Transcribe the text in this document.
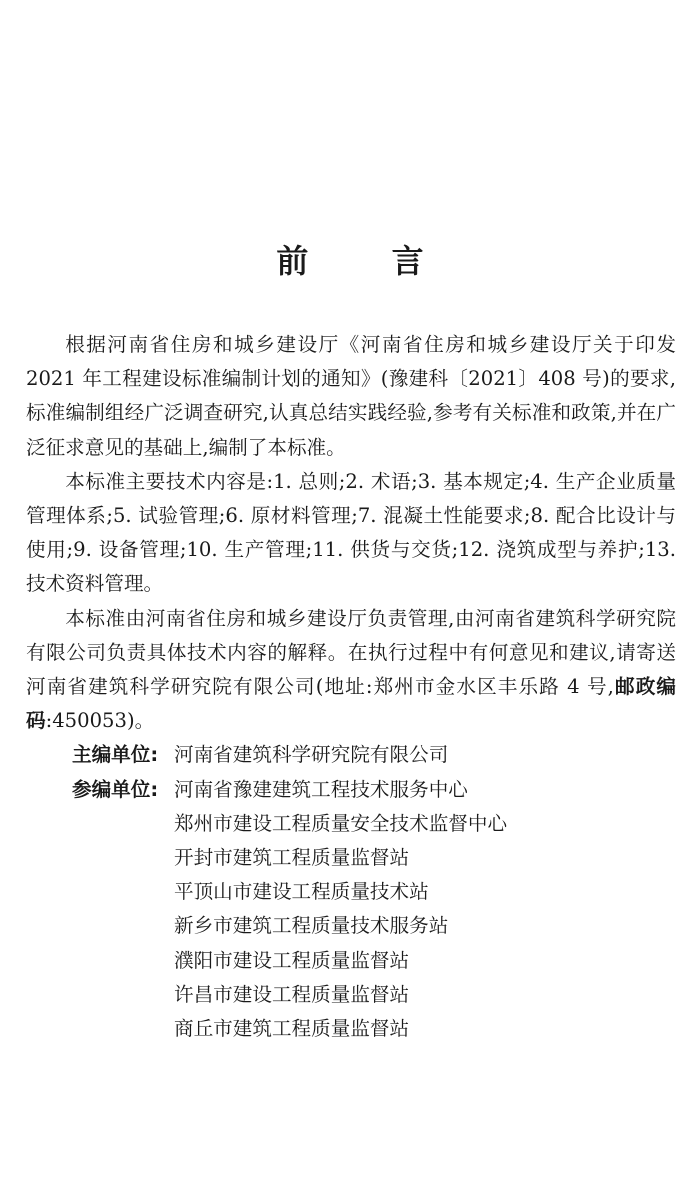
前 言

根据河南省住房和城乡建设厅《河南省住房和城乡建设厅关于印发 2021 年工程建设标准编制计划的通知》(豫建科〔2021〕408 号)的要求,标准编制组经广泛调查研究,认真总结实践经验,参考有关标准和政策,并在广泛征求意见的基础上,编制了本标准。

本标准主要技术内容是:1. 总则;2. 术语;3. 基本规定;4. 生产企业质量管理体系;5. 试验管理;6. 原材料管理;7. 混凝土性能要求;8. 配合比设计与使用;9. 设备管理;10. 生产管理;11. 供货与交货;12. 浇筑成型与养护;13. 技术资料管理。

本标准由河南省住房和城乡建设厅负责管理,由河南省建筑科学研究院有限公司负责具体技术内容的解释。在执行过程中有何意见和建议,请寄送河南省建筑科学研究院有限公司(地址:郑州市金水区丰乐路 4 号,邮政编码:450053)。

主编单位: 河南省建筑科学研究院有限公司
参编单位: 河南省豫建建筑工程技术服务中心
郑州市建设工程质量安全技术监督中心
开封市建筑工程质量监督站
平顶山市建设工程质量技术站
新乡市建筑工程质量技术服务站
濮阳市建设工程质量监督站
许昌市建设工程质量监督站
商丘市建筑工程质量监督站
